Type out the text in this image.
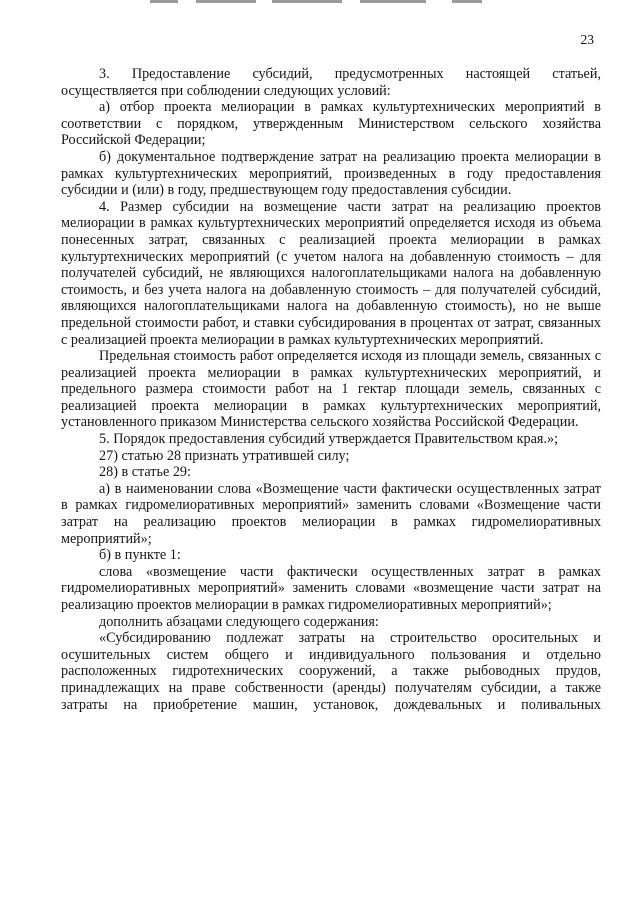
23

3. Предоставление субсидий, предусмотренных настоящей статьей, осуществляется при соблюдении следующих условий:

а) отбор проекта мелиорации в рамках культуртехнических мероприятий в соответствии с порядком, утвержденным Министерством сельского хозяйства Российской Федерации;

б) документальное подтверждение затрат на реализацию проекта мелиорации в рамках культуртехнических мероприятий, произведенных в году предоставления субсидии и (или) в году, предшествующем году предоставления субсидии.

4. Размер субсидии на возмещение части затрат на реализацию проектов мелиорации в рамках культуртехнических мероприятий определяется исходя из объема понесенных затрат, связанных с реализацией проекта мелиорации в рамках культуртехнических мероприятий (с учетом налога на добавленную стоимость – для получателей субсидий, не являющихся налогоплательщиками налога на добавленную стоимость, и без учета налога на добавленную стоимость – для получателей субсидий, являющихся налогоплательщиками налога на добавленную стоимость), но не выше предельной стоимости работ, и ставки субсидирования в процентах от затрат, связанных с реализацией проекта мелиорации в рамках культуртехнических мероприятий.

Предельная стоимость работ определяется исходя из площади земель, связанных с реализацией проекта мелиорации в рамках культуртехнических мероприятий, и предельного размера стоимости работ на 1 гектар площади земель, связанных с реализацией проекта мелиорации в рамках культуртехнических мероприятий, установленного приказом Министерства сельского хозяйства Российской Федерации.

5. Порядок предоставления субсидий утверждается Правительством края.»;

27) статью 28 признать утратившей силу;

28) в статье 29:

а) в наименовании слова «Возмещение части фактически осуществленных затрат в рамках гидромелиоративных мероприятий» заменить словами «Возмещение части затрат на реализацию проектов мелиорации в рамках гидромелиоративных мероприятий»;

б) в пункте 1:

слова «возмещение части фактически осуществленных затрат в рамках гидромелиоративных мероприятий» заменить словами «возмещение части затрат на реализацию проектов мелиорации в рамках гидромелиоративных мероприятий»;

дополнить абзацами следующего содержания:

«Субсидированию подлежат затраты на строительство оросительных и осушительных систем общего и индивидуального пользования и отдельно расположенных гидротехнических сооружений, а также рыбоводных прудов, принадлежащих на праве собственности (аренды) получателям субсидии, а также затраты на приобретение машин, установок, дождевальных и поливальных
